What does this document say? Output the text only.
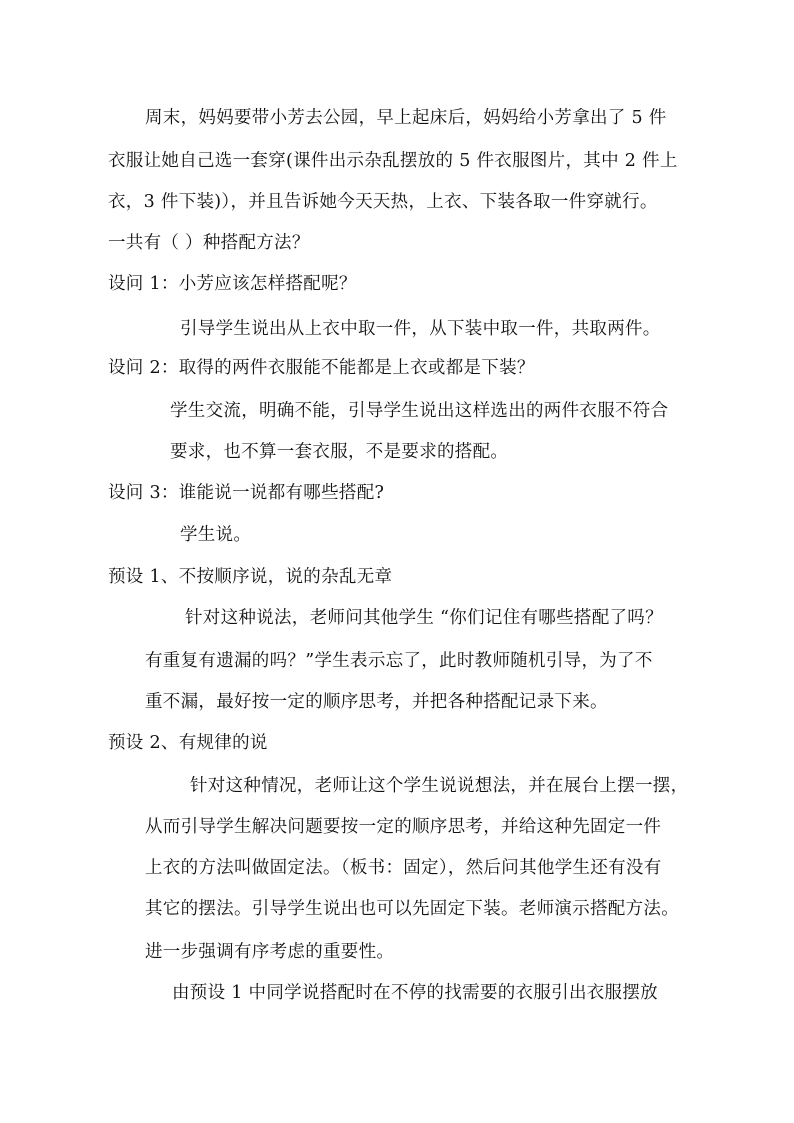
周末，妈妈要带小芳去公园，早上起床后，妈妈给小芳拿出了 5 件
衣服让她自己选一套穿(课件出示杂乱摆放的 5 件衣服图片，其中 2 件上
衣，3 件下装)），并且告诉她今天天热，上衣、下装各取一件穿就行。
一共有（ ）种搭配方法？
设问 1：小芳应该怎样搭配呢？
引导学生说出从上衣中取一件，从下装中取一件，共取两件。
设问 2：取得的两件衣服能不能都是上衣或都是下装？
学生交流，明确不能，引导学生说出这样选出的两件衣服不符合
要求，也不算一套衣服，不是要求的搭配。
设问 3：谁能说一说都有哪些搭配?
学生说。
预设 1、不按顺序说，说的杂乱无章
针对这种说法，老师问其他学生 “你们记住有哪些搭配了吗？
有重复有遗漏的吗？”学生表示忘了，此时教师随机引导，为了不
重不漏，最好按一定的顺序思考，并把各种搭配记录下来。
预设 2、有规律的说
针对这种情况，老师让这个学生说说想法，并在展台上摆一摆，
从而引导学生解决问题要按一定的顺序思考，并给这种先固定一件
上衣的方法叫做固定法。（板书：固定），然后问其他学生还有没有
其它的摆法。引导学生说出也可以先固定下装。老师演示搭配方法。
进一步强调有序考虑的重要性。
由预设 1 中同学说搭配时在不停的找需要的衣服引出衣服摆放
